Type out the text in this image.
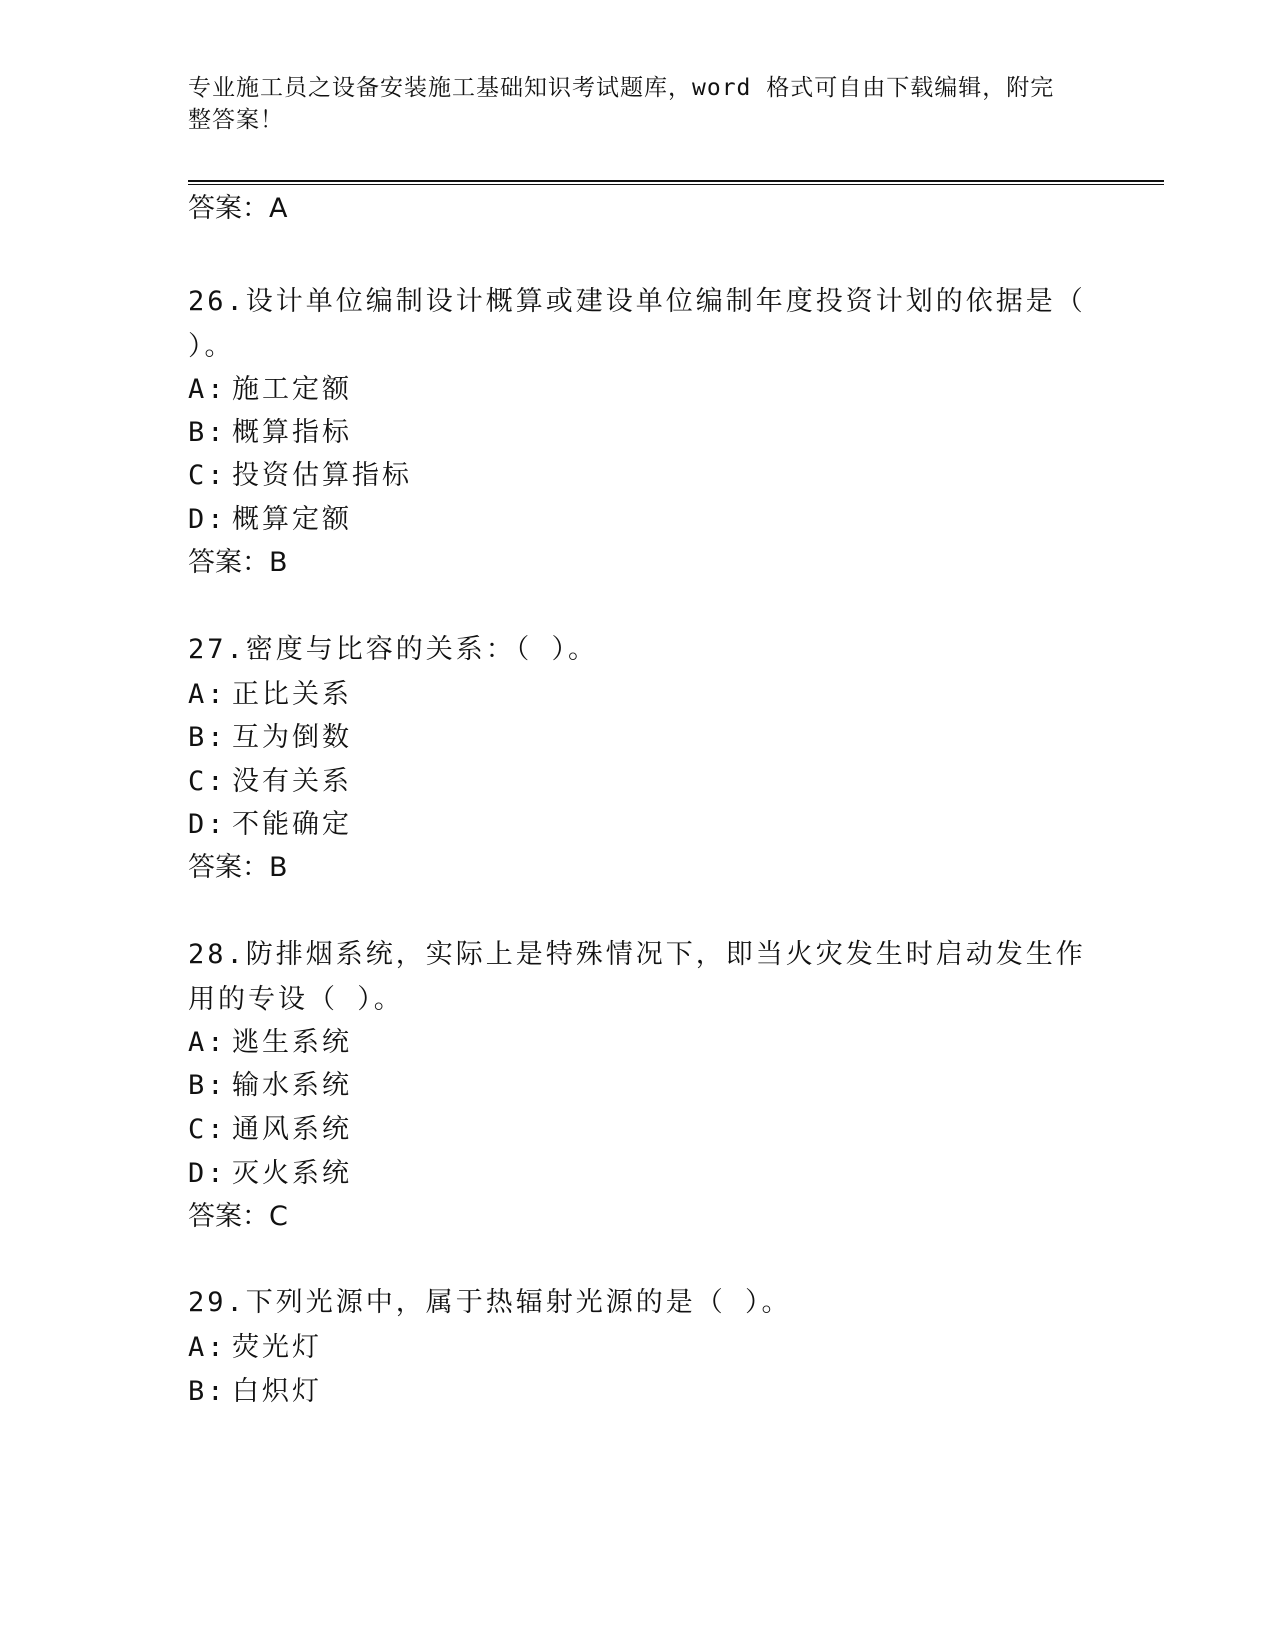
专业施工员之设备安装施工基础知识考试题库，word 格式可自由下载编辑，附完整答案！
答案：A
26.设计单位编制设计概算或建设单位编制年度投资计划的依据是（ ）。
A: 施工定额
B: 概算指标
C: 投资估算指标
D: 概算定额
答案：B
27.密度与比容的关系：（ ）。
A: 正比关系
B: 互为倒数
C: 没有关系
D: 不能确定
答案：B
28.防排烟系统，实际上是特殊情况下，即当火灾发生时启动发生作用的专设（ ）。
A: 逃生系统
B: 输水系统
C: 通风系统
D: 灭火系统
答案：C
29.下列光源中，属于热辐射光源的是（ ）。
A: 荧光灯
B: 白炽灯
